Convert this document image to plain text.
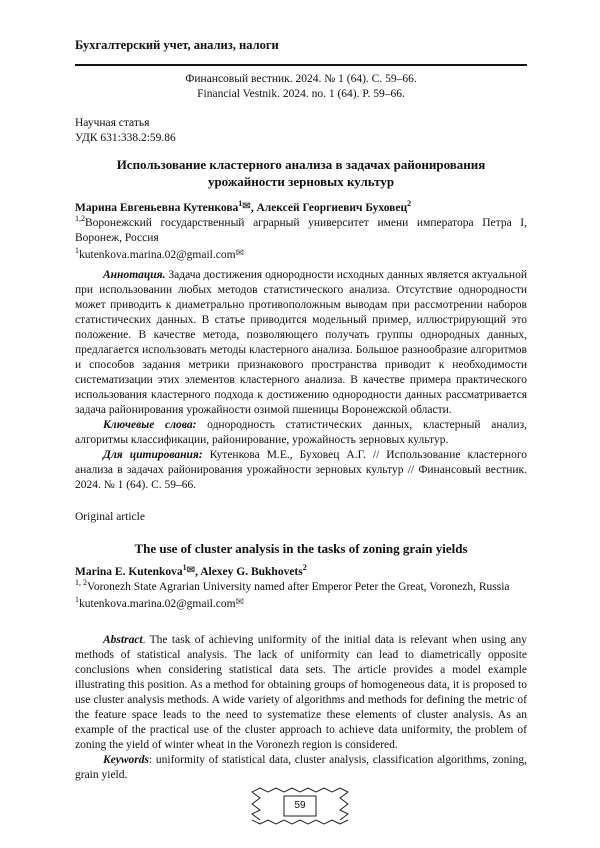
Бухгалтерский учет, анализ, налоги
Финансовый вестник. 2024. № 1 (64). С. 59–66.
Financial Vestnik. 2024. no. 1 (64). P. 59–66.
Научная статья
УДК 631:338.2:59.86
Использование кластерного анализа в задачах районирования
урожайности зерновых культур
Марина Евгеньевна Кутенкова$^1$✉, Алексей Георгиевич Буховец$^2$
$^{1,2}$Воронежский государственный аграрный университет имени императора Петра I, Воронеж, Россия
$^1$kutenkova.marina.02@gmail.com✉

Аннотация. Задача достижения однородности исходных данных является актуальной при использовании любых методов статистического анализа. Отсутствие однородности может приводить к диаметрально противоположным выводам при рассмотрении наборов статистических данных. В статье приводится модельный пример, иллюстрирующий это положение. В качестве метода, позволяющего получать группы однородных данных, предлагается использовать методы кластерного анализа. Большое разнообразие алгоритмов и способов задания метрики признакового пространства приводит к необходимости систематизации этих элементов кластерного анализа. В качестве примера практического использования кластерного подхода к достижению однородности данных рассматривается задача районирования урожайности озимой пшеницы Воронежской области.

Ключевые слова: однородность статистических данных, кластерный анализ, алгоритмы классификации, районирование, урожайность зерновых культур.

Для цитирования: Кутенкова М.Е., Буховец А.Г. // Использование кластерного анализа в задачах районирования урожайности зерновых культур // Финансовый вестник. 2024. № 1 (64). С. 59–66.

Original article
The use of cluster analysis in the tasks of zoning grain yields
Marina E. Kutenkova$^1$✉, Alexey G. Bukhovets$^2$
$^{1, 2}$Voronezh State Agrarian University named after Emperor Peter the Great, Voronezh, Russia
$^1$kutenkova.marina.02@gmail.com✉

Abstract. The task of achieving uniformity of the initial data is relevant when using any methods of statistical analysis. The lack of uniformity can lead to diametrically opposite conclusions when considering statistical data sets. The article provides a model example illustrating this position. As a method for obtaining groups of homogeneous data, it is proposed to use cluster analysis methods. A wide variety of algorithms and methods for defining the metric of the feature space leads to the need to systematize these elements of cluster analysis. As an example of the practical use of the cluster approach to achieve data uniformity, the problem of zoning the yield of winter wheat in the Voronezh region is considered.

Keywords: uniformity of statistical data, cluster analysis, classification algorithms, zoning, grain yield.

59
